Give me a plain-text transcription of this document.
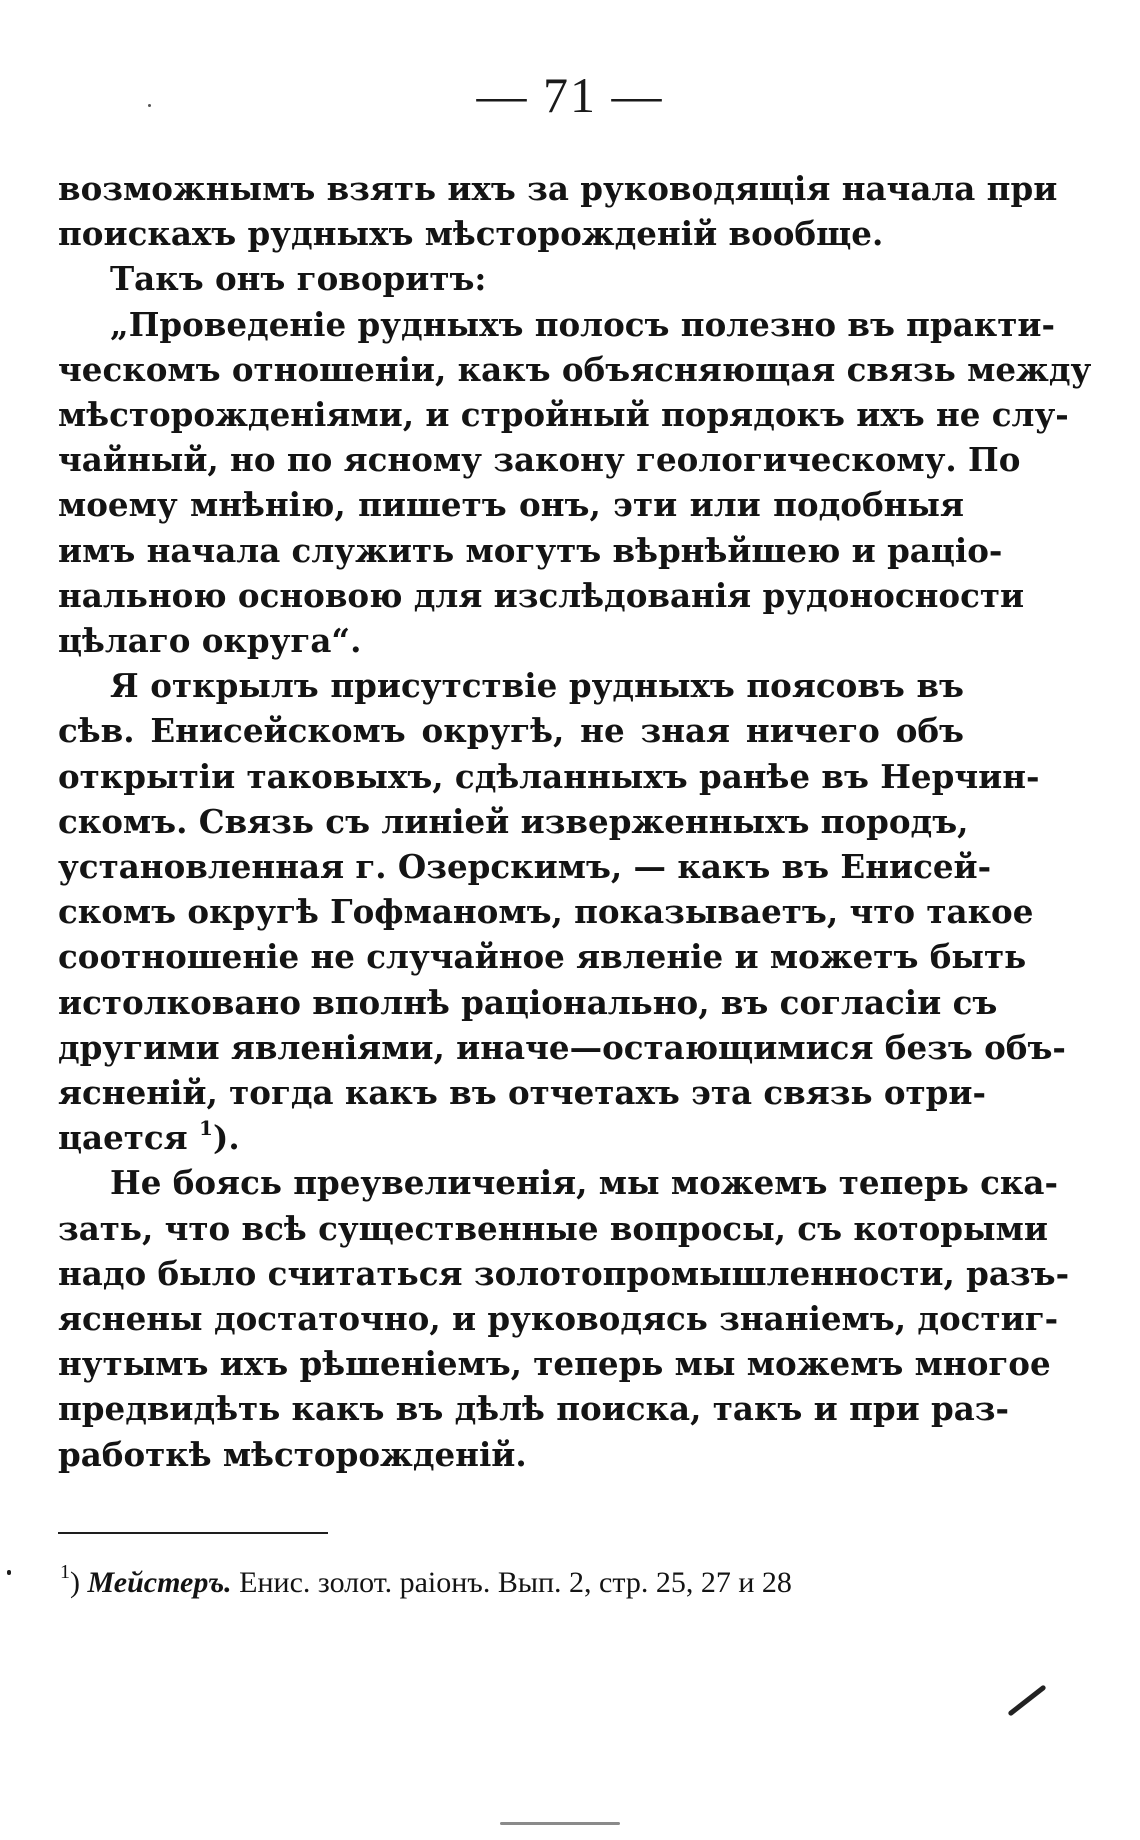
— 71 —
возможнымъ взять ихъ за руководящія начала при
поискахъ рудныхъ мѣсторожденій вообще.
Такъ онъ говоритъ:
„Проведеніе рудныхъ полосъ полезно въ практи-
ческомъ отношеніи, какъ объясняющая связь между
мѣсторожденіями, и стройный порядокъ ихъ не слу-
чайный, но по ясному закону геологическому. По
моему мнѣнію, пишетъ онъ, эти или подобныя
имъ начала служить могутъ вѣрнѣйшею и раціо-
нальною основою для изслѣдованія рудоносности
цѣлаго округа“.
Я открылъ присутствіе рудныхъ поясовъ въ
сѣв. Енисейскомъ округѣ, не зная ничего объ
открытіи таковыхъ, сдѣланныхъ ранѣе въ Нерчин-
скомъ. Связь съ линіей изверженныхъ породъ,
установленная г. Озерскимъ, — какъ въ Енисей-
скомъ округѣ Гофманомъ, показываетъ, что такое
соотношеніе не случайное явленіе и можетъ быть
истолковано вполнѣ раціонально, въ согласіи съ
другими явленіями, иначе—остающимися безъ объ-
ясненій, тогда какъ въ отчетахъ эта связь отри-
цается $^1$).
Не боясь преувеличенія, мы можемъ теперь ска-
зать, что всѣ существенные вопросы, съ которыми
надо было считаться золотопромышленности, разъ-
яснены достаточно, и руководясь знаніемъ, достиг-
нутымъ ихъ рѣшеніемъ, теперь мы можемъ многое
предвидѣть какъ въ дѣлѣ поиска, такъ и при раз-
работкѣ мѣсторожденій.
$^1$) Мейстеръ. Енис. золот. раіонъ. Вып. 2, стр. 25, 27 и 28
